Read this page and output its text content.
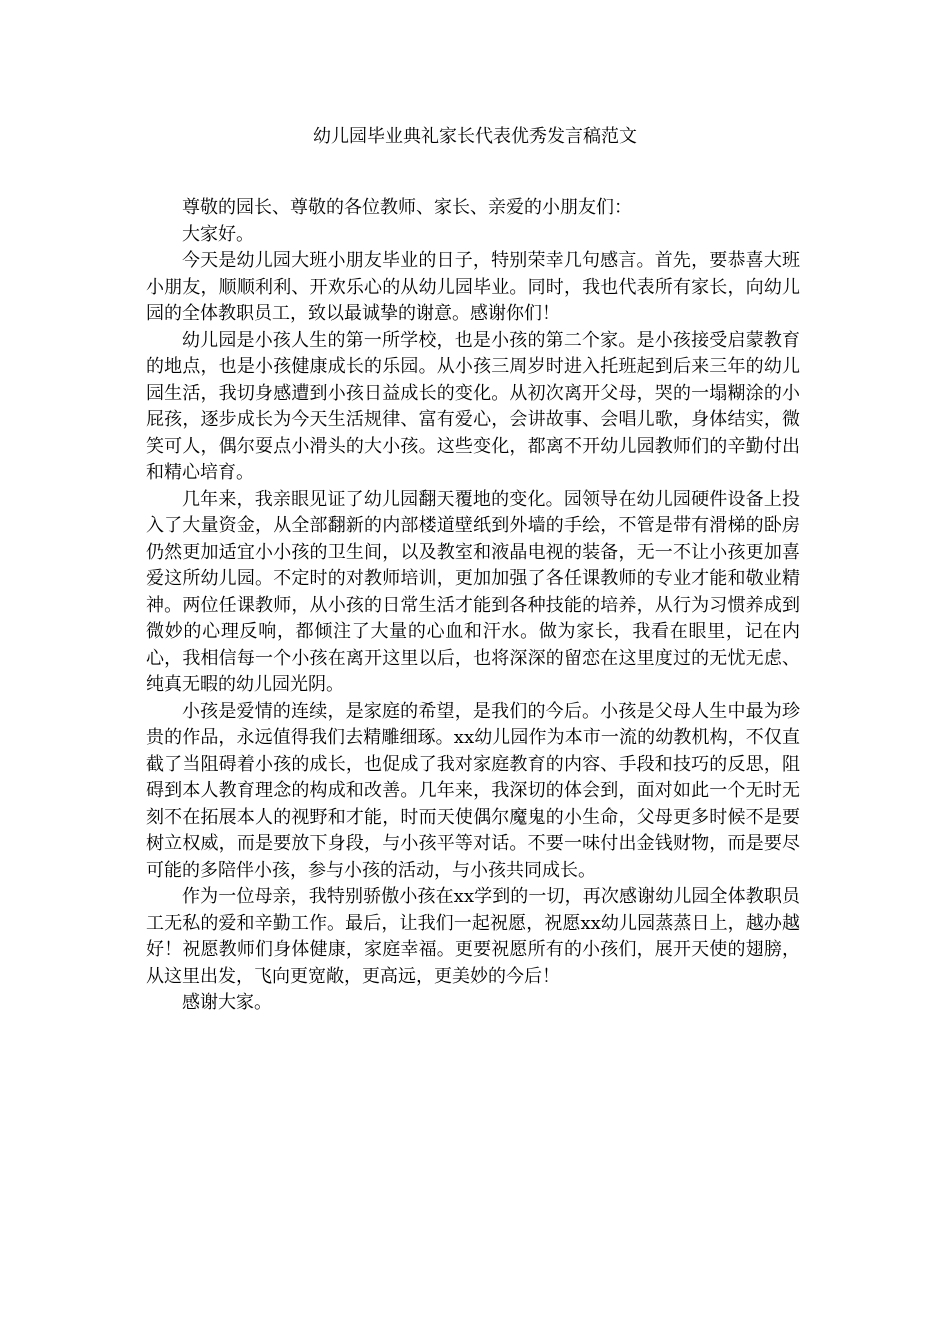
幼儿园毕业典礼家长代表优秀发言稿范文

尊敬的园长、尊敬的各位教师、家长、亲爱的小朋友们：

大家好。

今天是幼儿园大班小朋友毕业的日子，特别荣幸几句感言。首先，要恭喜大班小朋友，顺顺利利、开欢乐心的从幼儿园毕业。同时，我也代表所有家长，向幼儿园的全体教职员工，致以最诚挚的谢意。感谢你们！

幼儿园是小孩人生的第一所学校，也是小孩的第二个家。是小孩接受启蒙教育的地点，也是小孩健康成长的乐园。从小孩三周岁时进入托班起到后来三年的幼儿园生活，我切身感遭到小孩日益成长的变化。从初次离开父母，哭的一塌糊涂的小屁孩，逐步成长为今天生活规律、富有爱心，会讲故事、会唱儿歌，身体结实，微笑可人，偶尔耍点小滑头的大小孩。这些变化，都离不开幼儿园教师们的辛勤付出和精心培育。

几年来，我亲眼见证了幼儿园翻天覆地的变化。园领导在幼儿园硬件设备上投入了大量资金，从全部翻新的内部楼道壁纸到外墙的手绘，不管是带有滑梯的卧房仍然更加适宜小小孩的卫生间，以及教室和液晶电视的装备，无一不让小孩更加喜爱这所幼儿园。不定时的对教师培训，更加加强了各任课教师的专业才能和敬业精神。两位任课教师，从小孩的日常生活才能到各种技能的培养，从行为习惯养成到微妙的心理反响，都倾注了大量的心血和汗水。做为家长，我看在眼里，记在内心，我相信每一个小孩在离开这里以后，也将深深的留恋在这里度过的无忧无虑、纯真无暇的幼儿园光阴。

小孩是爱情的连续，是家庭的希望，是我们的今后。小孩是父母人生中最为珍贵的作品，永远值得我们去精雕细琢。xx幼儿园作为本市一流的幼教机构，不仅直截了当阻碍着小孩的成长，也促成了我对家庭教育的内容、手段和技巧的反思，阻碍到本人教育理念的构成和改善。几年来，我深切的体会到，面对如此一个无时无刻不在拓展本人的视野和才能，时而天使偶尔魔鬼的小生命，父母更多时候不是要树立权威，而是要放下身段，与小孩平等对话。不要一味付出金钱财物，而是要尽可能的多陪伴小孩，参与小孩的活动，与小孩共同成长。

作为一位母亲，我特别骄傲小孩在xx学到的一切，再次感谢幼儿园全体教职员工无私的爱和辛勤工作。最后，让我们一起祝愿，祝愿xx幼儿园蒸蒸日上，越办越好！祝愿教师们身体健康，家庭幸福。更要祝愿所有的小孩们，展开天使的翅膀，从这里出发，飞向更宽敞，更高远，更美妙的今后！

感谢大家。
